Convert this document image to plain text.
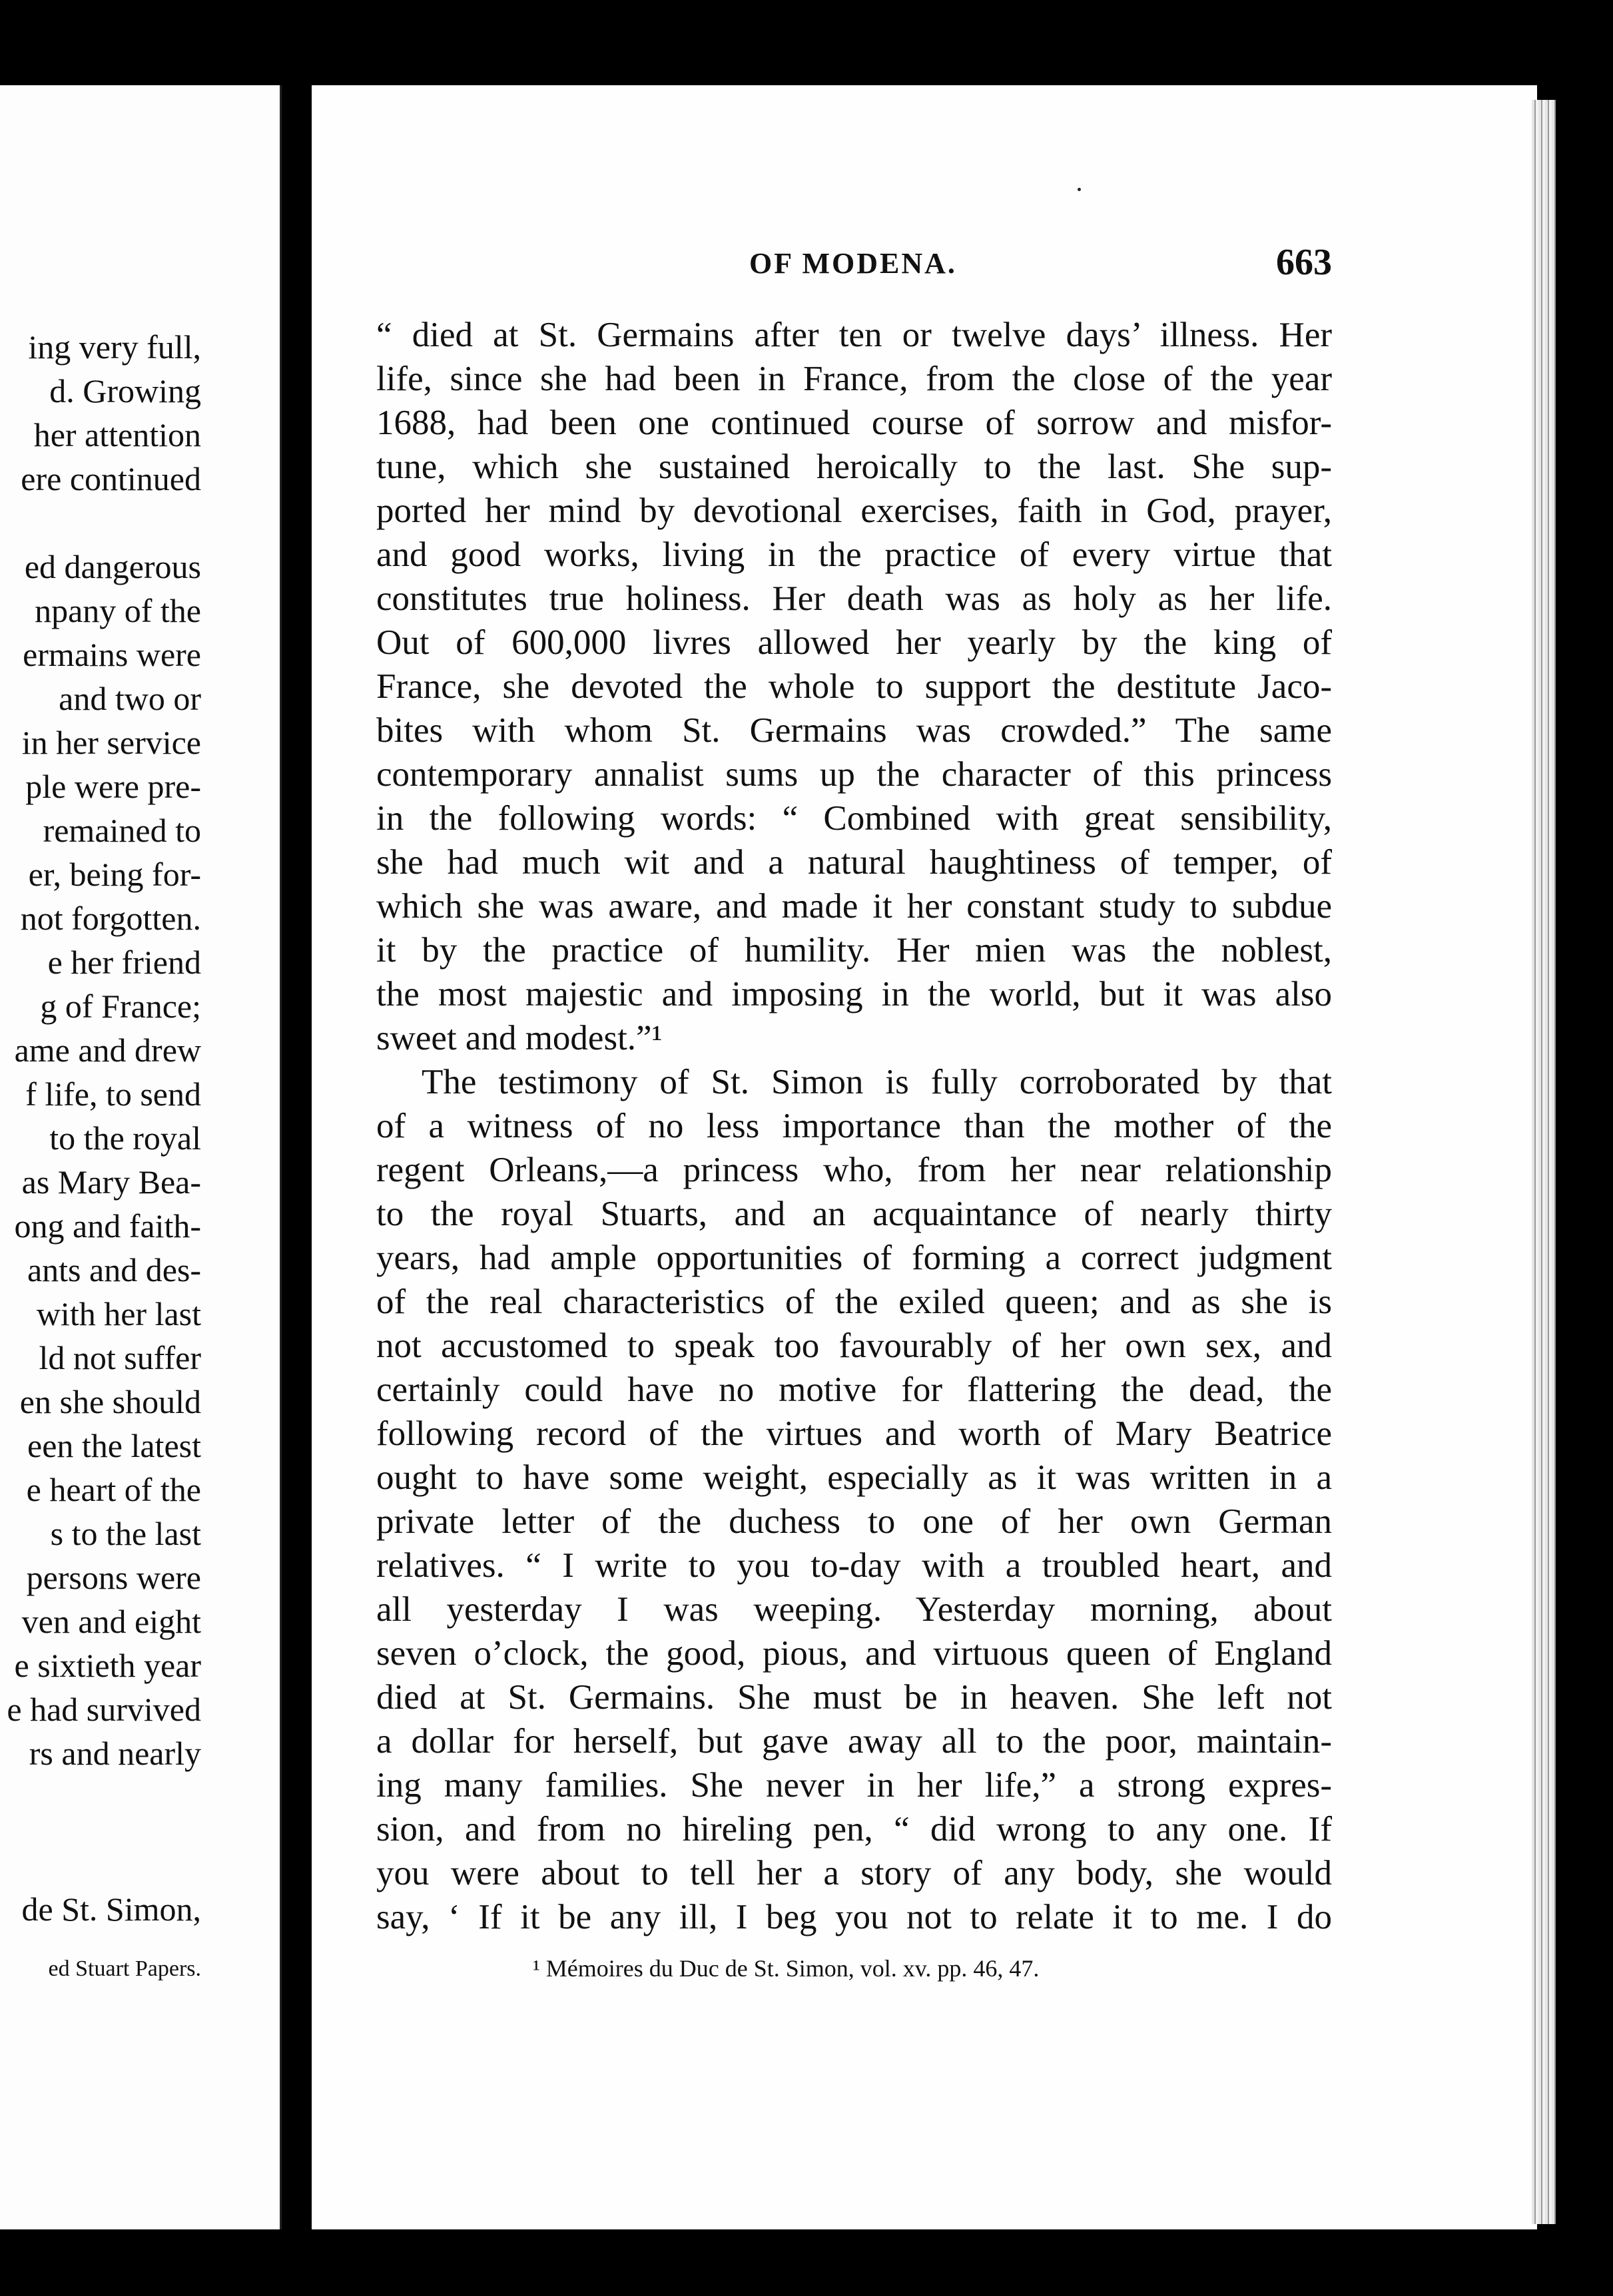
ing very full,
d. Growing
her attention
ere continued
ed dangerous
npany of the
ermains were
and two or
in her service
ple were pre-
remained to
er, being for-
not forgotten.
e her friend
g of France;
ame and drew
f life, to send
to the royal
as Mary Bea-
ong and faith-
ants and des-
with her last
ld not suffer
en she should
een the latest
e heart of the
s to the last
persons were
ven and eight
e sixtieth year
e had survived
rs and nearly
de St. Simon,
ed Stuart Papers.
OF MODENA.	663
“ died at St. Germains after ten or twelve days’ illness. Her
life, since she had been in France, from the close of the year
1688, had been one continued course of sorrow and misfor-
tune, which she sustained heroically to the last. She sup-
ported her mind by devotional exercises, faith in God, prayer,
and good works, living in the practice of every virtue that
constitutes true holiness. Her death was as holy as her life.
Out of 600,000 livres allowed her yearly by the king of
France, she devoted the whole to support the destitute Jaco-
bites with whom St. Germains was crowded.” The same
contemporary annalist sums up the character of this princess
in the following words: “ Combined with great sensibility,
she had much wit and a natural haughtiness of temper, of
which she was aware, and made it her constant study to subdue
it by the practice of humility. Her mien was the noblest,
the most majestic and imposing in the world, but it was also
sweet and modest.”¹
The testimony of St. Simon is fully corroborated by that
of a witness of no less importance than the mother of the
regent Orleans,—a princess who, from her near relationship
to the royal Stuarts, and an acquaintance of nearly thirty
years, had ample opportunities of forming a correct judgment
of the real characteristics of the exiled queen; and as she is
not accustomed to speak too favourably of her own sex, and
certainly could have no motive for flattering the dead, the
following record of the virtues and worth of Mary Beatrice
ought to have some weight, especially as it was written in a
private letter of the duchess to one of her own German
relatives. “ I write to you to-day with a troubled heart, and
all yesterday I was weeping. Yesterday morning, about
seven o’clock, the good, pious, and virtuous queen of England
died at St. Germains. She must be in heaven. She left not
a dollar for herself, but gave away all to the poor, maintain-
ing many families. She never in her life,” a strong expres-
sion, and from no hireling pen, “ did wrong to any one. If
you were about to tell her a story of any body, she would
say, ‘ If it be any ill, I beg you not to relate it to me. I do
¹ Mémoires du Duc de St. Simon, vol. xv. pp. 46, 47.
